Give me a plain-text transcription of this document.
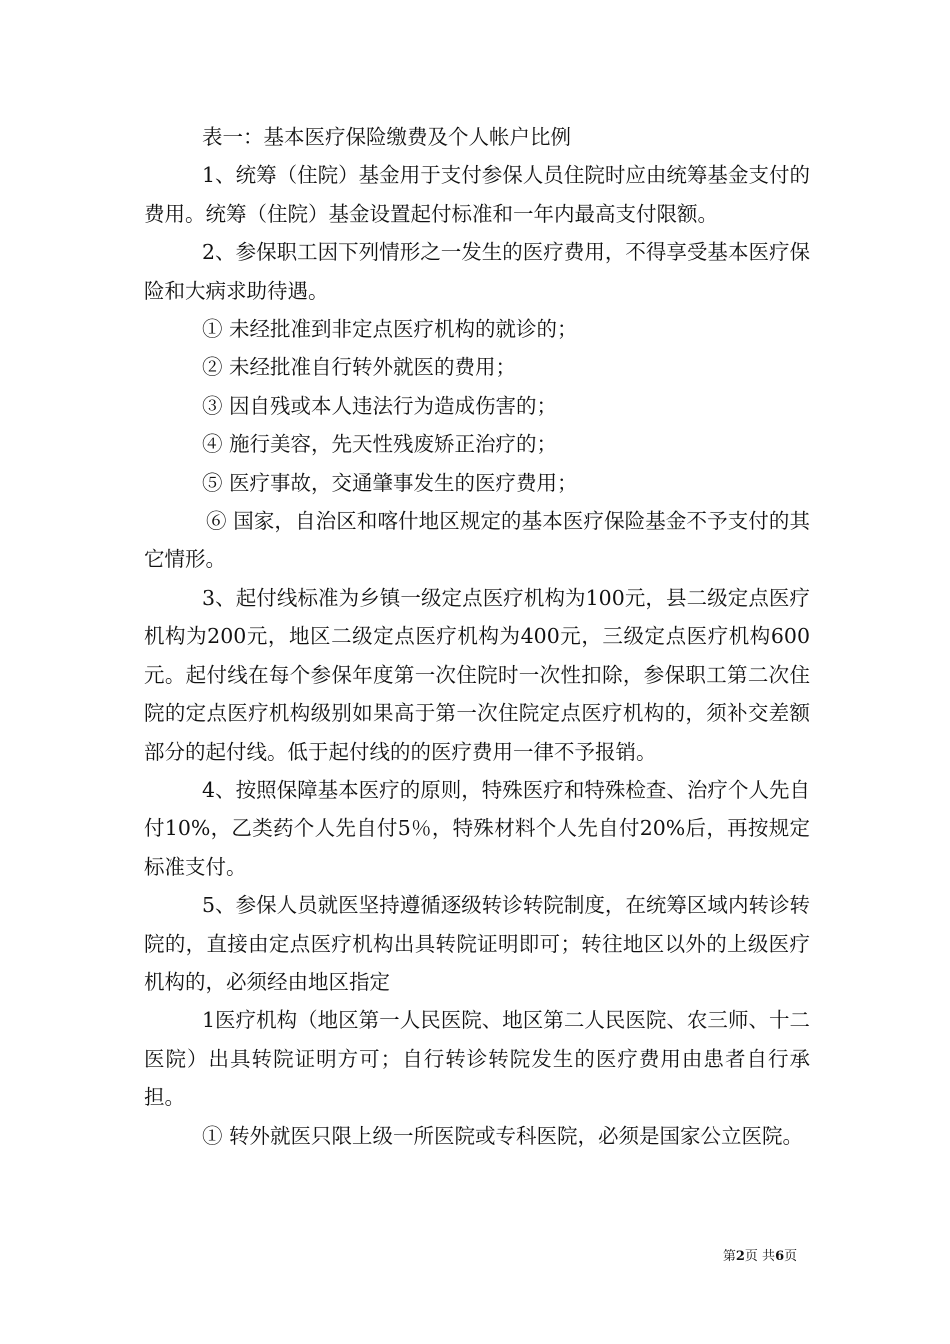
表一：基本医疗保险缴费及个人帐户比例

1、统筹（住院）基金用于支付参保人员住院时应由统筹基金支付的费用。统筹（住院）基金设置起付标准和一年内最高支付限额。

2、参保职工因下列情形之一发生的医疗费用，不得享受基本医疗保险和大病求助待遇。

① 未经批准到非定点医疗机构的就诊的；

② 未经批准自行转外就医的费用；

③ 因自残或本人违法行为造成伤害的；

④ 施行美容，先天性残废矫正治疗的；

⑤ 医疗事故，交通肇事发生的医疗费用；

⑥ 国家，自治区和喀什地区规定的基本医疗保险基金不予支付的其它情形。

3、起付线标准为乡镇一级定点医疗机构为100元，县二级定点医疗机构为200元，地区二级定点医疗机构为400元，三级定点医疗机构600元。起付线在每个参保年度第一次住院时一次性扣除，参保职工第二次住院的定点医疗机构级别如果高于第一次住院定点医疗机构的，须补交差额部分的起付线。低于起付线的的医疗费用一律不予报销。

4、按照保障基本医疗的原则，特殊医疗和特殊检查、治疗个人先自付10%，乙类药个人先自付5％，特殊材料个人先自付20%后，再按规定标准支付。

5、参保人员就医坚持遵循逐级转诊转院制度，在统筹区域内转诊转院的，直接由定点医疗机构出具转院证明即可；转往地区以外的上级医疗机构的，必须经由地区指定

1医疗机构（地区第一人民医院、地区第二人民医院、农三师、十二医院）出具转院证明方可；自行转诊转院发生的医疗费用由患者自行承担。

① 转外就医只限上级一所医院或专科医院，必须是国家公立医院。

第2页 共6页
